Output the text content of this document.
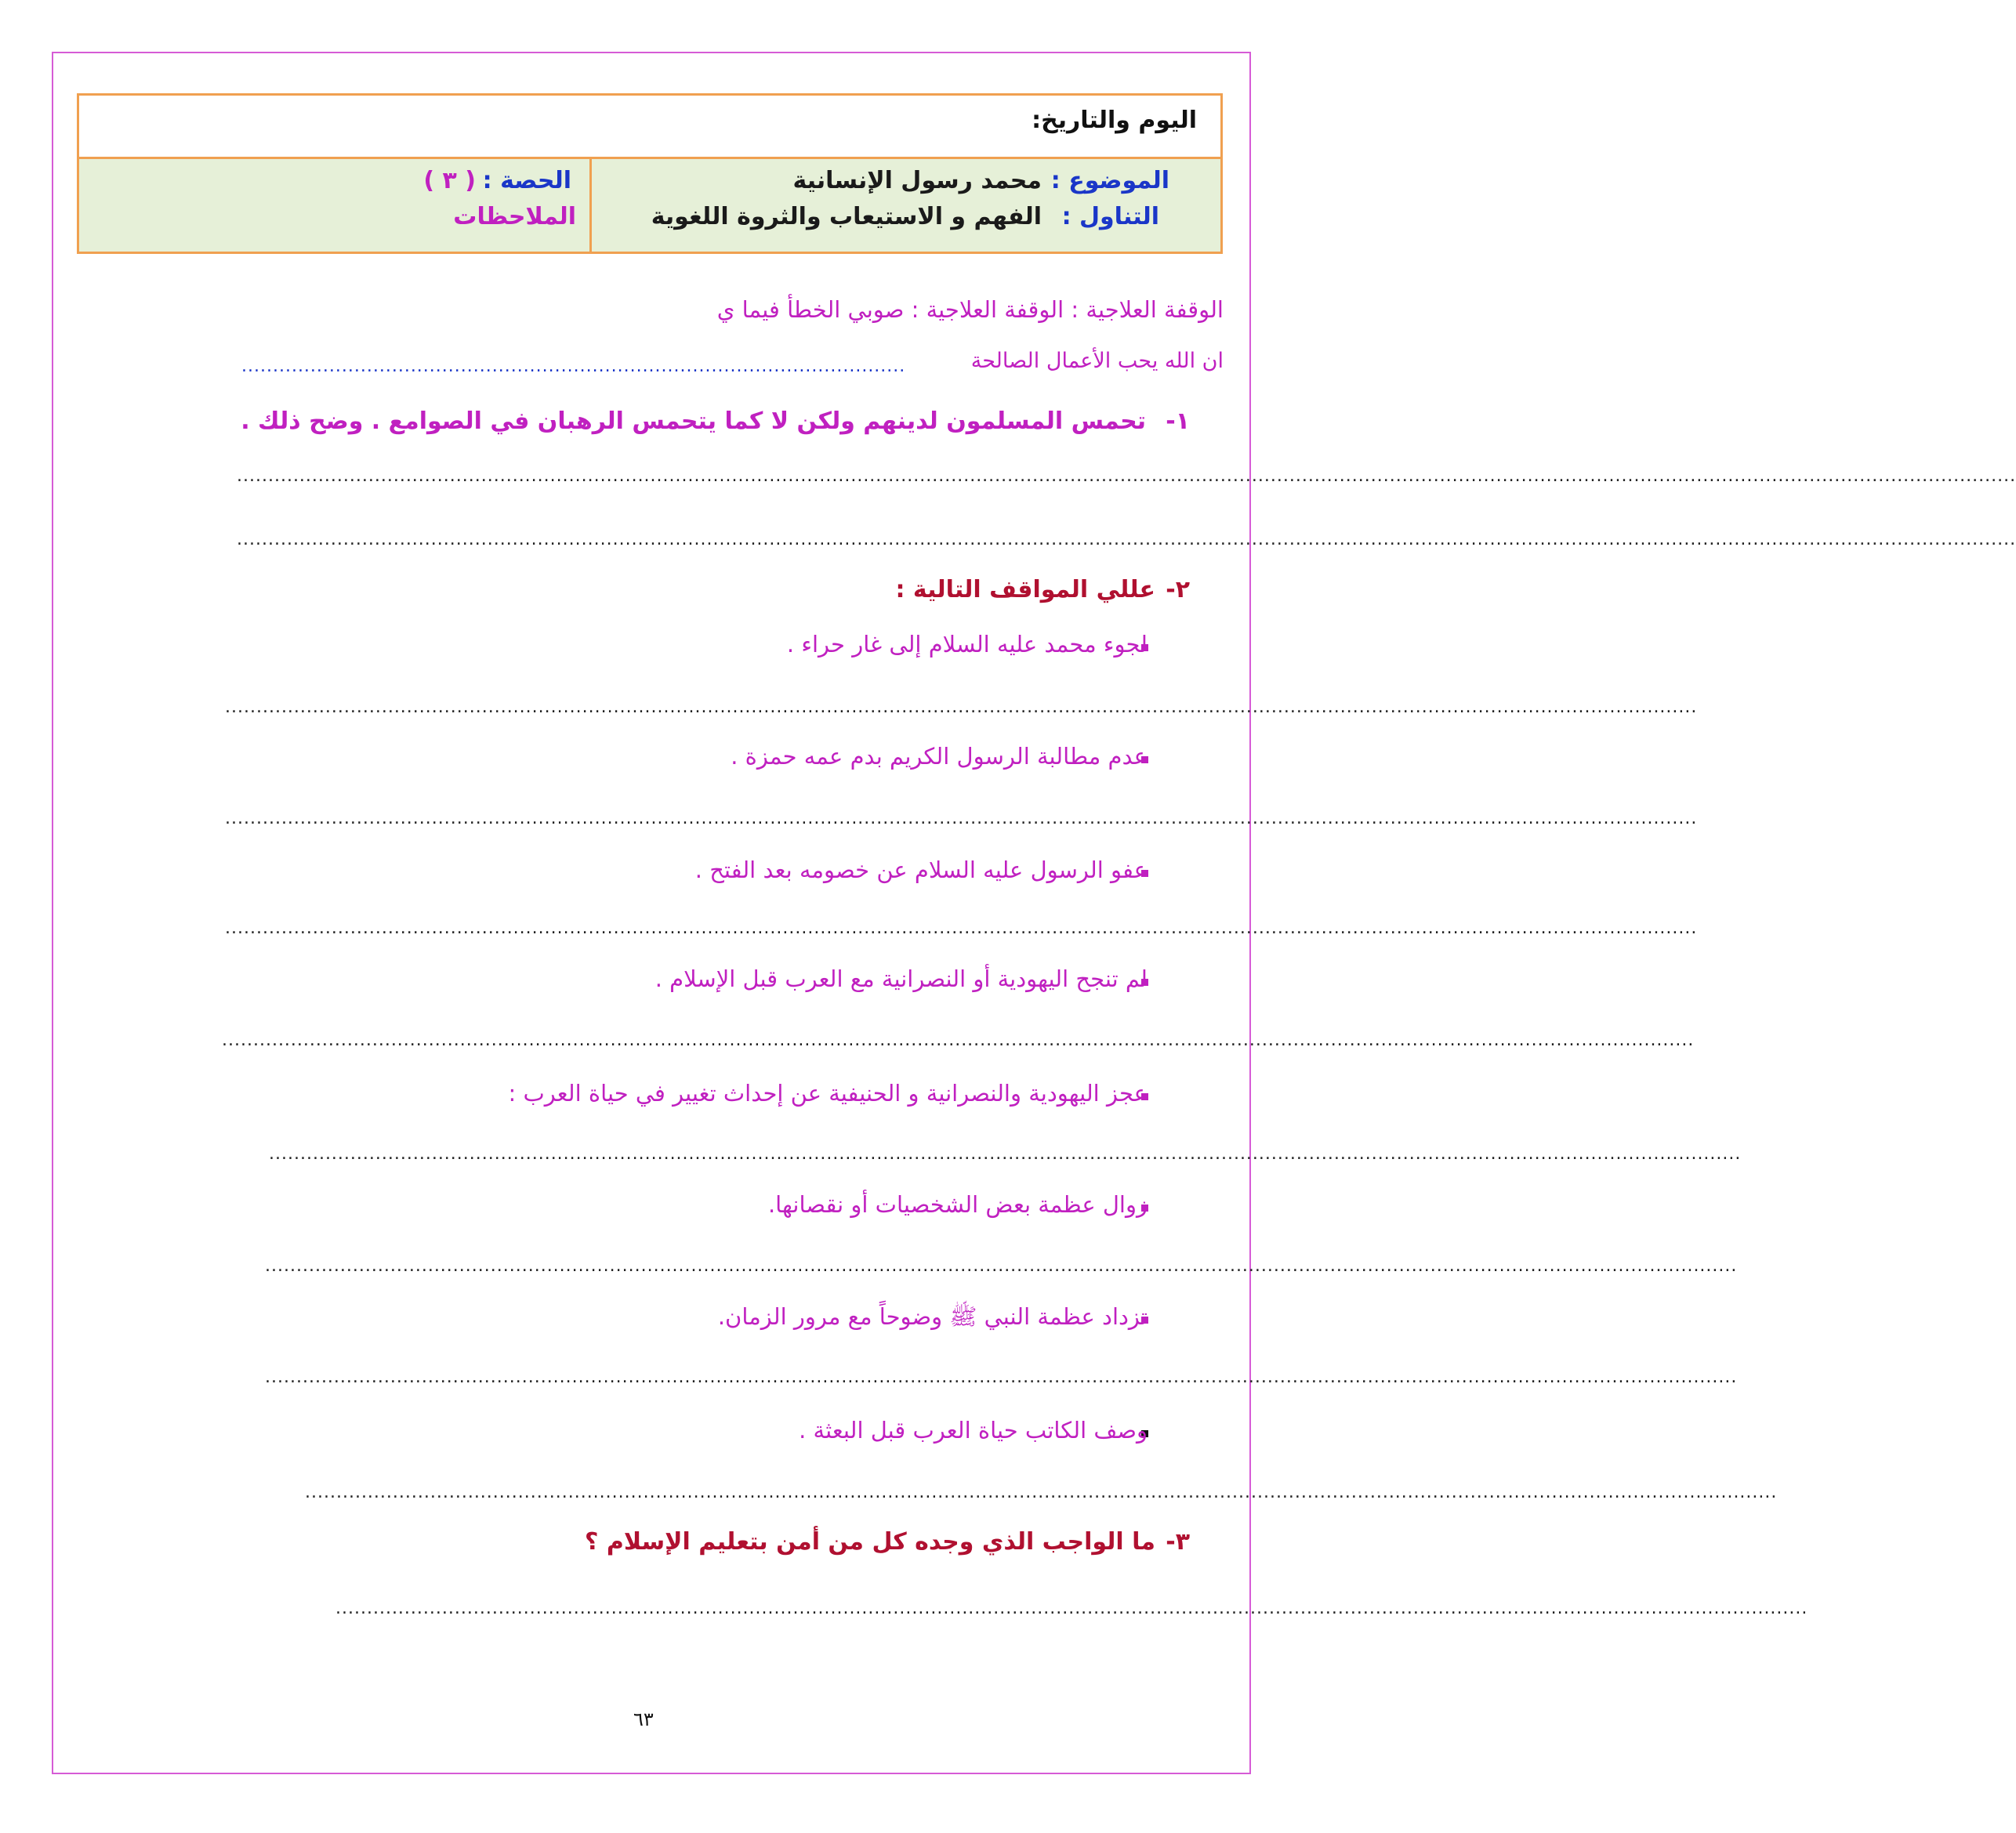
اليوم والتاريخ:
الموضوع :
محمد رسول الإنسانية
التناول :
الفهم و الاستيعاب والثروة اللغوية
الحصة :
( ٣ )
الملاحظات
الوقفة العلاجية : الوقفة العلاجية : صوبي الخطأ فيما ي
ان الله يحب الأعمال الصالحة
..........................................................................................................
١-
تحمس المسلمون لدينهم ولكن لا كما يتحمس الرهبان في الصوامع . وضح ذلك .
............................................................................................................................................................................................................................................................................................
............................................................................................................................................................................................................................................................................................
٢-
عللي المواقف التالية :
لجوء محمد عليه السلام إلى غار حراء .
...........................................................................................................................................................................................................................................
عدم مطالبة الرسول الكريم بدم عمه حمزة .
...........................................................................................................................................................................................................................................
عفو الرسول عليه السلام عن خصومه بعد الفتح .
...........................................................................................................................................................................................................................................
لم تنجح اليهودية أو النصرانية مع العرب قبل الإسلام .
...........................................................................................................................................................................................................................................
عجز اليهودية والنصرانية و الحنيفية عن إحداث تغيير في حياة العرب :
...........................................................................................................................................................................................................................................
زوال عظمة بعض الشخصيات أو نقصانها.
...........................................................................................................................................................................................................................................
تزداد عظمة النبي ﷺ وضوحاً مع مرور الزمان.
...........................................................................................................................................................................................................................................
وصف الكاتب حياة العرب قبل البعثة .
...........................................................................................................................................................................................................................................
٣-
ما الواجب الذي وجده كل من أمن بتعليم الإسلام ؟
...........................................................................................................................................................................................................................................
٦٣
